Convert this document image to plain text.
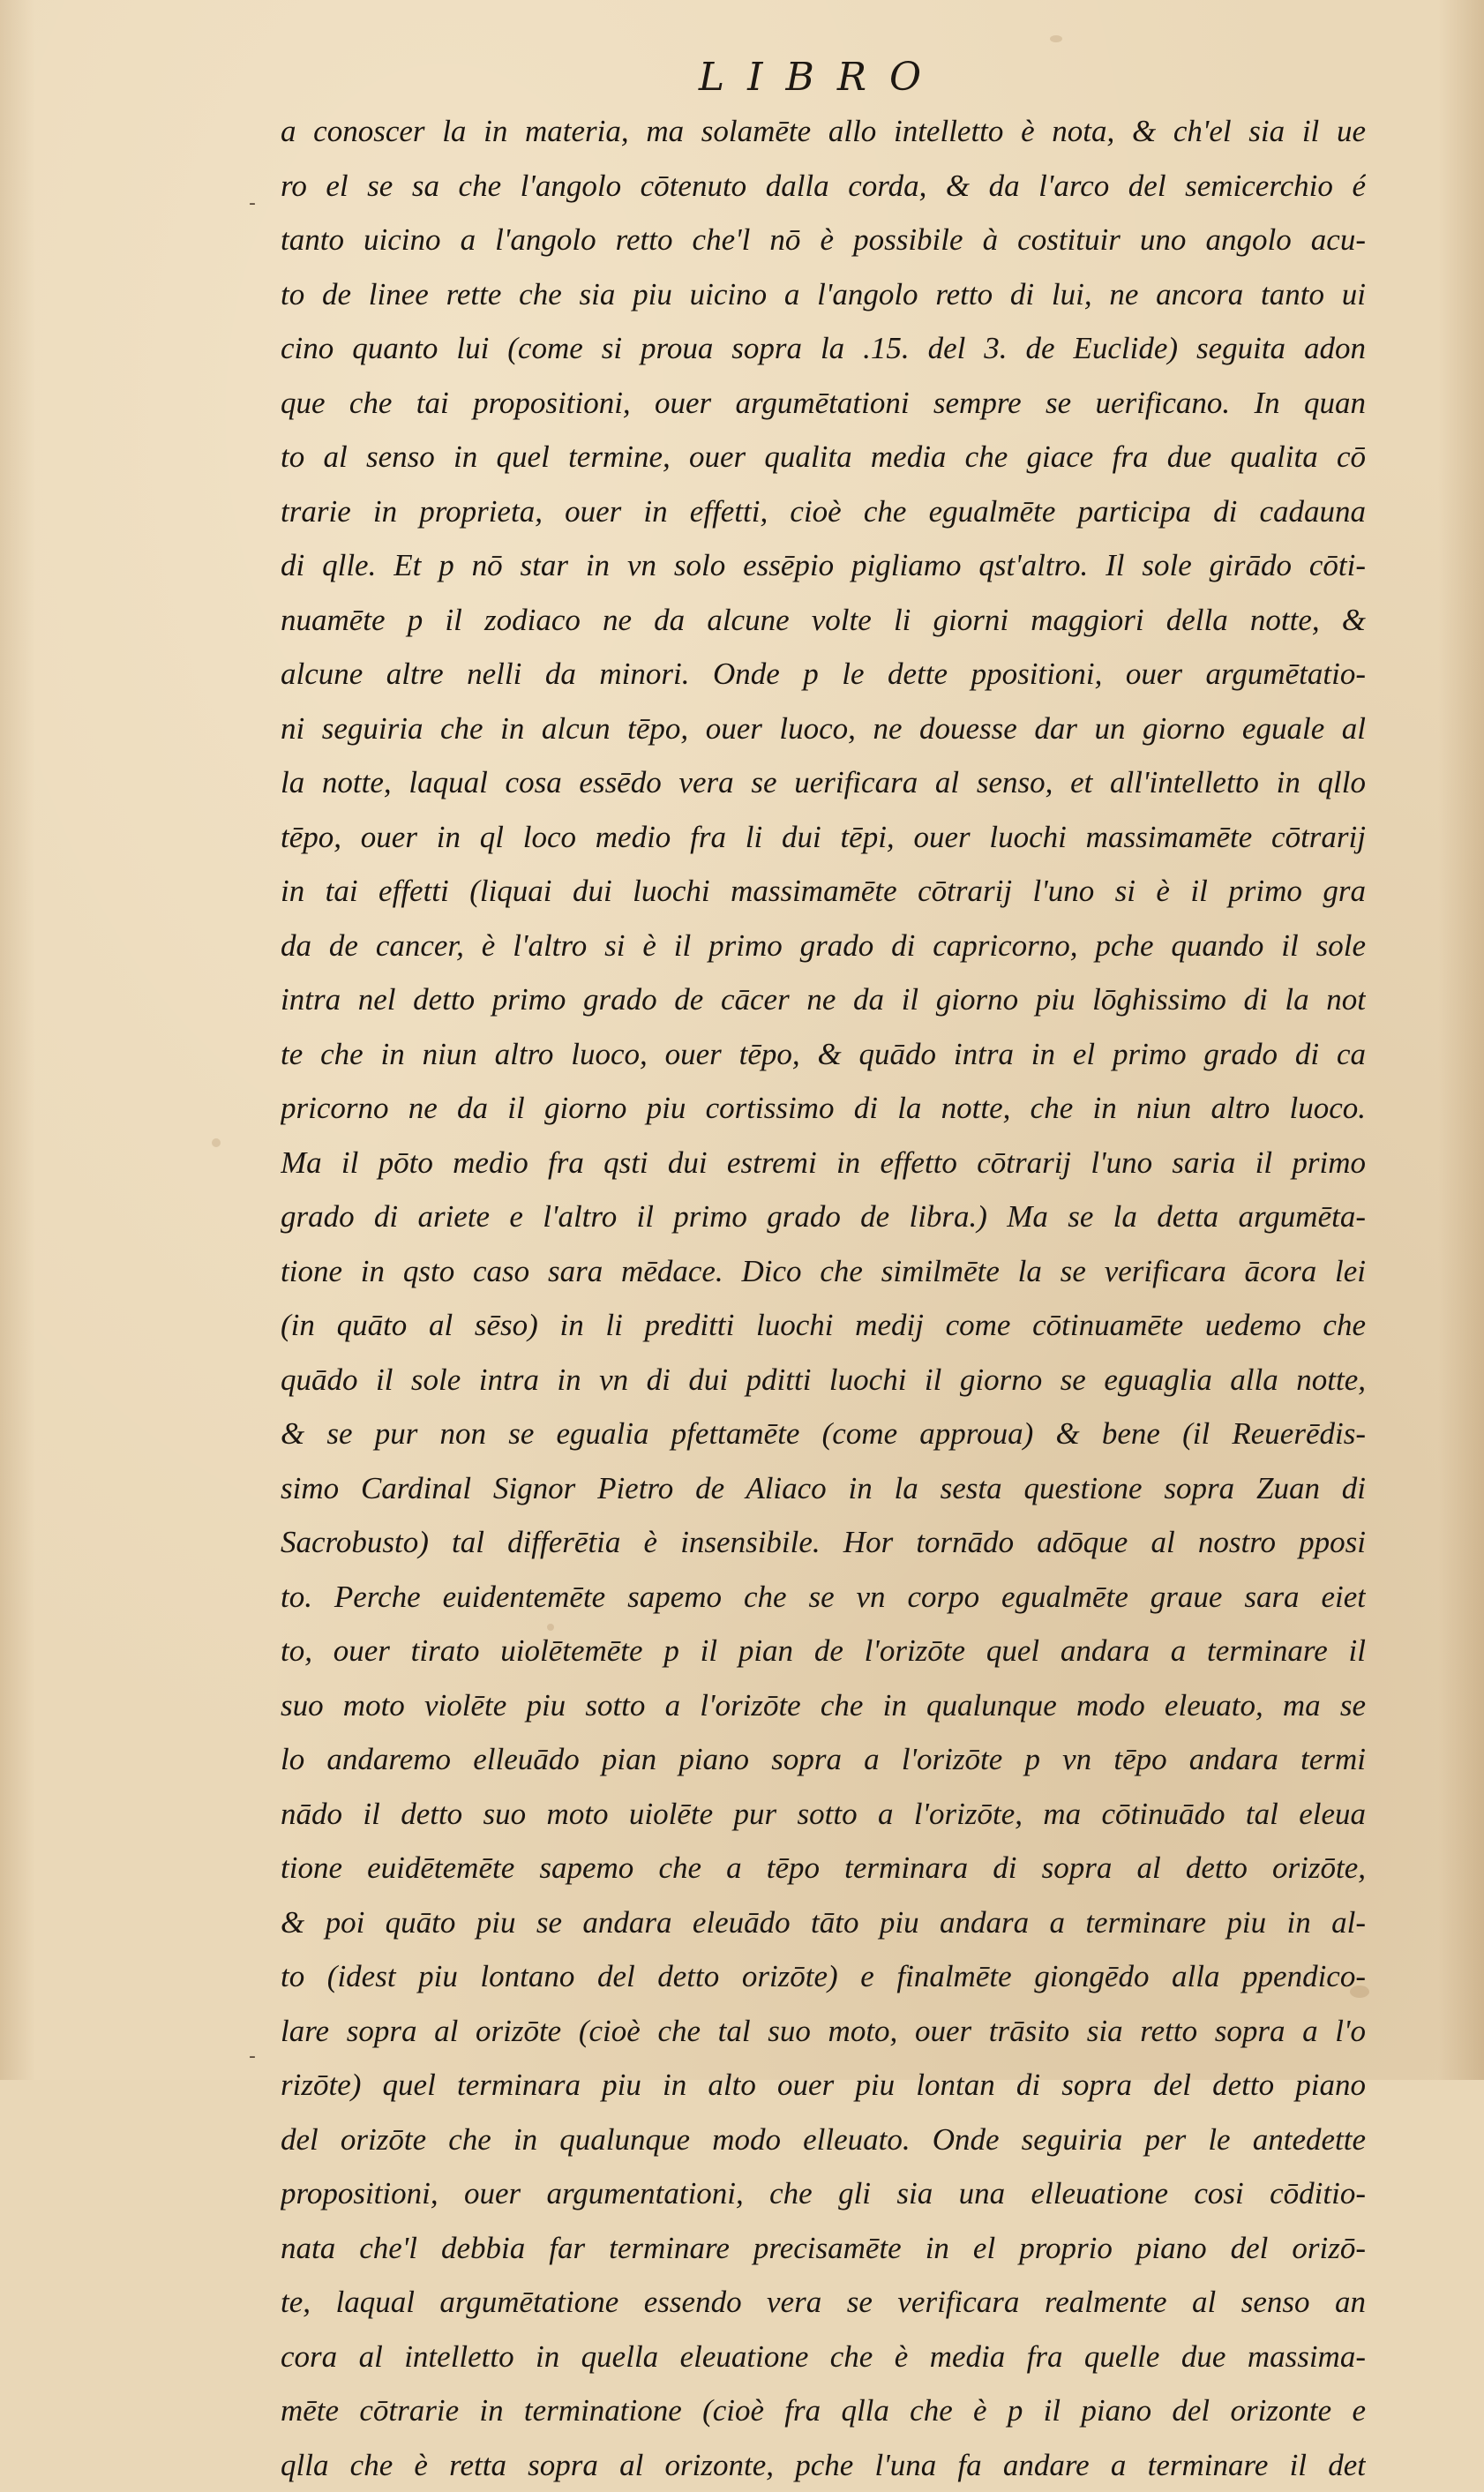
LIBRO
-
-
a conoscer la in materia, ma solamēte allo intelletto è nota, & ch'el sia il ue
ro el se sa che l'angolo cōtenuto dalla corda, & da l'arco del semicerchio é
tanto uicino a l'angolo retto che'l nō è possibile à costituir uno angolo acu-
to de linee rette che sia piu uicino a l'angolo retto di lui, ne ancora tanto ui
cino quanto lui (come si proua sopra la .15. del 3. de Euclide) seguita adon
que che tai propositioni, ouer argumētationi sempre se uerificano. In quan
to al senso in quel termine, ouer qualita media che giace fra due qualita cō
trarie in proprieta, ouer in effetti, cioè che egualmēte participa di cadauna
di qlle. Et p nō star in vn solo essēpio pigliamo qst'altro. Il sole girādo cōti-
nuamēte p il zodiaco ne da alcune volte li giorni maggiori della notte, &
alcune altre nelli da minori. Onde p le dette ppositioni, ouer argumētatio-
ni seguiria che in alcun tēpo, ouer luoco, ne douesse dar un giorno eguale al
la notte, laqual cosa essēdo vera se uerificara al senso, et all'intelletto in qllo
tēpo, ouer in ql loco medio fra li dui tēpi, ouer luochi massimamēte cōtrarij
in tai effetti (liquai dui luochi massimamēte cōtrarij l'uno si è il primo gra
da de cancer, è l'altro si è il primo grado di capricorno, pche quando il sole
intra nel detto primo grado de cācer ne da il giorno piu lōghissimo di la not
te che in niun altro luoco, ouer tēpo, & quādo intra in el primo grado di ca
pricorno ne da il giorno piu cortissimo di la notte, che in niun altro luoco.
Ma il pōto medio fra qsti dui estremi in effetto cōtrarij l'uno saria il primo
grado di ariete e l'altro il primo grado de libra.) Ma se la detta argumēta-
tione in qsto caso sara mēdace. Dico che similmēte la se verificara ācora lei
(in quāto al sēso) in li preditti luochi medij come cōtinuamēte uedemo che
quādo il sole intra in vn di dui pditti luochi il giorno se eguaglia alla notte,
& se pur non se egualia pfettamēte (come approua) & bene (il Reuerēdis-
simo Cardinal Signor Pietro de Aliaco in la sesta questione sopra Zuan di
Sacrobusto) tal differētia è insensibile. Hor tornādo adōque al nostro pposi
to. Perche euidentemēte sapemo che se vn corpo egualmēte graue sara eiet
to, ouer tirato uiolētemēte p il pian de l'orizōte quel andara a terminare il
suo moto violēte piu sotto a l'orizōte che in qualunque modo eleuato, ma se
lo andaremo elleuādo pian piano sopra a l'orizōte p vn tēpo andara termi
nādo il detto suo moto uiolēte pur sotto a l'orizōte, ma cōtinuādo tal eleua
tione euidētemēte sapemo che a tēpo terminara di sopra al detto orizōte,
& poi quāto piu se andara eleuādo tāto piu andara a terminare piu in al-
to (idest piu lontano del detto orizōte) e finalmēte giongēdo alla ppendico-
lare sopra al orizōte (cioè che tal suo moto, ouer trāsito sia retto sopra a l'o
rizōte) quel terminara piu in alto ouer piu lontan di sopra del detto piano
del orizōte che in qualunque modo elleuato. Onde seguiria per le antedette
propositioni, ouer argumentationi, che gli sia una elleuatione cosi cōditio-
nata che'l debbia far terminare precisamēte in el proprio piano del orizō-
te, laqual argumētatione essendo vera se verificara realmente al senso an
cora al intelletto in quella eleuatione che è media fra quelle due massima-
mēte cōtrarie in terminatione (cioè fra qlla che è p il piano del orizonte e
qlla che è retta sopra al orizonte, pche l'una fa andare a terminare il det
